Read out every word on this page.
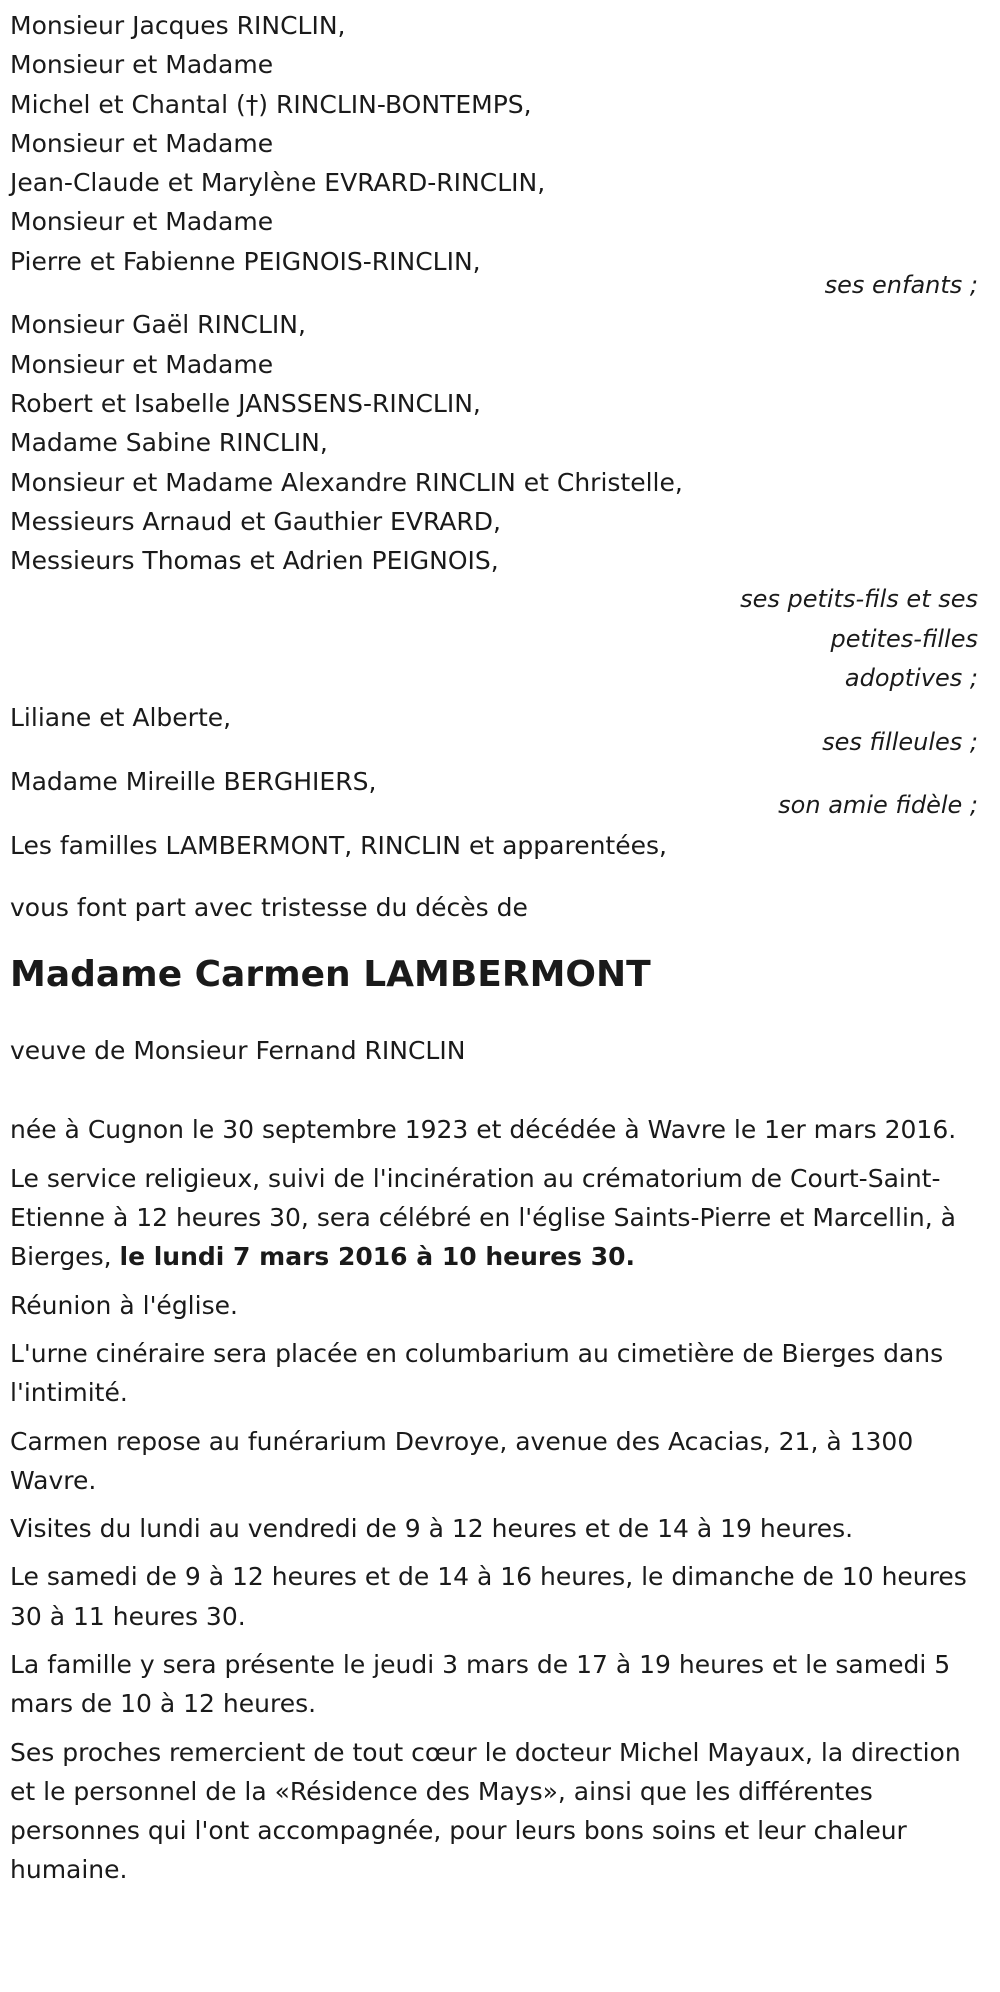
Monsieur Jacques RINCLIN,
Monsieur et Madame
Michel et Chantal (†) RINCLIN-BONTEMPS,
Monsieur et Madame
Jean-Claude et Marylène EVRARD-RINCLIN,
Monsieur et Madame
Pierre et Fabienne PEIGNOIS-RINCLIN,
ses enfants ;
Monsieur Gaël RINCLIN,
Monsieur et Madame
Robert et Isabelle JANSSENS-RINCLIN,
Madame Sabine RINCLIN,
Monsieur et Madame Alexandre RINCLIN et Christelle,
Messieurs Arnaud et Gauthier EVRARD,
Messieurs Thomas et Adrien PEIGNOIS,
ses petits-fils et ses petites-filles adoptives ;
Liliane et Alberte,
ses filleules ;
Madame Mireille BERGHIERS,
son amie fidèle ;
Les familles LAMBERMONT, RINCLIN et apparentées,
vous font part avec tristesse du décès de
Madame Carmen LAMBERMONT
veuve de Monsieur Fernand RINCLIN
née à Cugnon le 30 septembre 1923 et décédée à Wavre le 1er mars 2016.
Le service religieux, suivi de l'incinération au crématorium de Court-Saint-Etienne à 12 heures 30, sera célébré en l'église Saints-Pierre et Marcellin, à Bierges, le lundi 7 mars 2016 à 10 heures 30.
Réunion à l'église.
L'urne cinéraire sera placée en columbarium au cimetière de Bierges dans l'intimité.
Carmen repose au funérarium Devroye, avenue des Acacias, 21, à 1300 Wavre.
Visites du lundi au vendredi de 9 à 12 heures et de 14 à 19 heures.
Le samedi de 9 à 12 heures et de 14 à 16 heures, le dimanche de 10 heures 30 à 11 heures 30.
La famille y sera présente le jeudi 3 mars de 17 à 19 heures et le samedi 5 mars de 10 à 12 heures.
Ses proches remercient de tout cœur le docteur Michel Mayaux, la direction et le personnel de la «Résidence des Mays», ainsi que les différentes personnes qui l'ont accompagnée, pour leurs bons soins et leur chaleur humaine.
